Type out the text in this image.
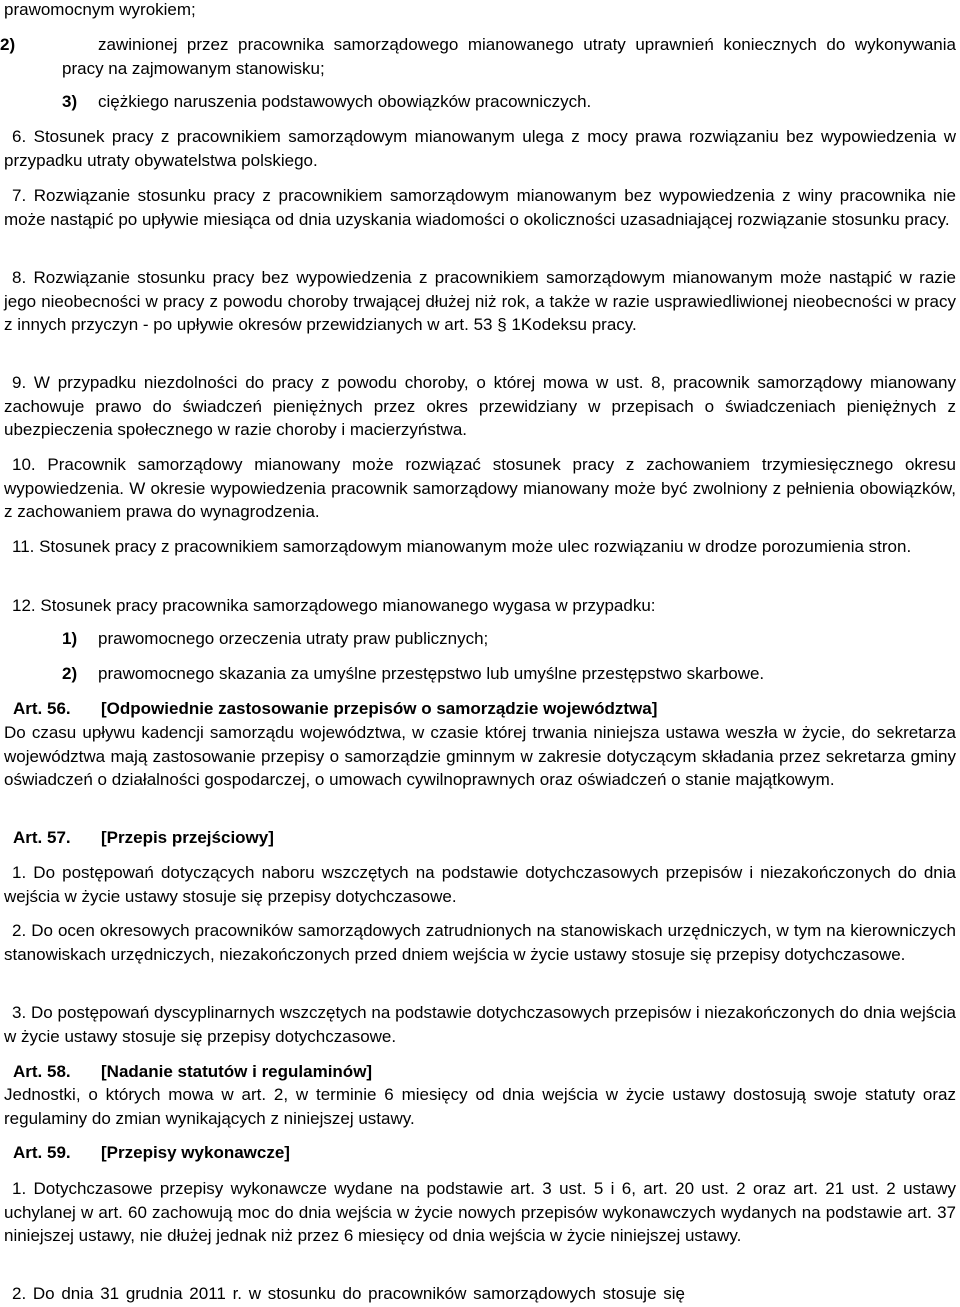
prawomocnym wyrokiem;

2)	zawinionej przez pracownika samorządowego mianowanego utraty uprawnień koniecznych do wykonywania pracy na zajmowanym stanowisku;

3) ciężkiego naruszenia podstawowych obowiązków pracowniczych.

6. Stosunek pracy z pracownikiem samorządowym mianowanym ulega z mocy prawa rozwiązaniu bez wypowiedzenia w przypadku utraty obywatelstwa polskiego.

7. Rozwiązanie stosunku pracy z pracownikiem samorządowym mianowanym bez wypowiedzenia z winy pracownika nie może nastąpić po upływie miesiąca od dnia uzyskania wiadomości o okoliczności uzasadniającej rozwiązanie stosunku pracy.

8. Rozwiązanie stosunku pracy bez wypowiedzenia z pracownikiem samorządowym mianowanym może nastąpić w razie jego nieobecności w pracy z powodu choroby trwającej dłużej niż rok, a także w razie usprawiedliwionej nieobecności w pracy z innych przyczyn - po upływie okresów przewidzianych w art. 53 § 1Kodeksu pracy.

9. W przypadku niezdolności do pracy z powodu choroby, o której mowa w ust. 8, pracownik samorządowy mianowany zachowuje prawo do świadczeń pieniężnych przez okres przewidziany w przepisach o świadczeniach pieniężnych z ubezpieczenia społecznego w razie choroby i macierzyństwa.

10. Pracownik samorządowy mianowany może rozwiązać stosunek pracy z zachowaniem trzymiesięcznego okresu wypowiedzenia. W okresie wypowiedzenia pracownik samorządowy mianowany może być zwolniony z pełnienia obowiązków, z zachowaniem prawa do wynagrodzenia.

11. Stosunek pracy z pracownikiem samorządowym mianowanym może ulec rozwiązaniu w drodze porozumienia stron.

12. Stosunek pracy pracownika samorządowego mianowanego wygasa w przypadku:

1) prawomocnego orzeczenia utraty praw publicznych;

2) prawomocnego skazania za umyślne przestępstwo lub umyślne przestępstwo skarbowe.

Art. 56. [Odpowiednie zastosowanie przepisów o samorządzie województwa]

Do czasu upływu kadencji samorządu województwa, w czasie której trwania niniejsza ustawa weszła w życie, do sekretarza województwa mają zastosowanie przepisy o samorządzie gminnym w zakresie dotyczącym składania przez sekretarza gminy oświadczeń o działalności gospodarczej, o umowach cywilnoprawnych oraz oświadczeń o stanie majątkowym.

Art. 57. [Przepis przejściowy]

1. Do postępowań dotyczących naboru wszczętych na podstawie dotychczasowych przepisów i niezakończonych do dnia wejścia w życie ustawy stosuje się przepisy dotychczasowe.

2. Do ocen okresowych pracowników samorządowych zatrudnionych na stanowiskach urzędniczych, w tym na kierowniczych stanowiskach urzędniczych, niezakończonych przed dniem wejścia w życie ustawy stosuje się przepisy dotychczasowe.

3. Do postępowań dyscyplinarnych wszczętych na podstawie dotychczasowych przepisów i niezakończonych do dnia wejścia w życie ustawy stosuje się przepisy dotychczasowe.

Art. 58. [Nadanie statutów i regulaminów]

Jednostki, o których mowa w art. 2, w terminie 6 miesięcy od dnia wejścia w życie ustawy dostosują swoje statuty oraz regulaminy do zmian wynikających z niniejszej ustawy.

Art. 59. [Przepisy wykonawcze]

1. Dotychczasowe przepisy wykonawcze wydane na podstawie art. 3 ust. 5 i 6, art. 20 ust. 2 oraz art. 21 ust. 2 ustawy uchylanej w art. 60 zachowują moc do dnia wejścia w życie nowych przepisów wykonawczych wydanych na podstawie art. 37 niniejszej ustawy, nie dłużej jednak niż przez 6 miesięcy od dnia wejścia w życie niniejszej ustawy.

2. Do dnia 31 grudnia 2011 r. w stosunku do pracowników samorządowych stosuje się
